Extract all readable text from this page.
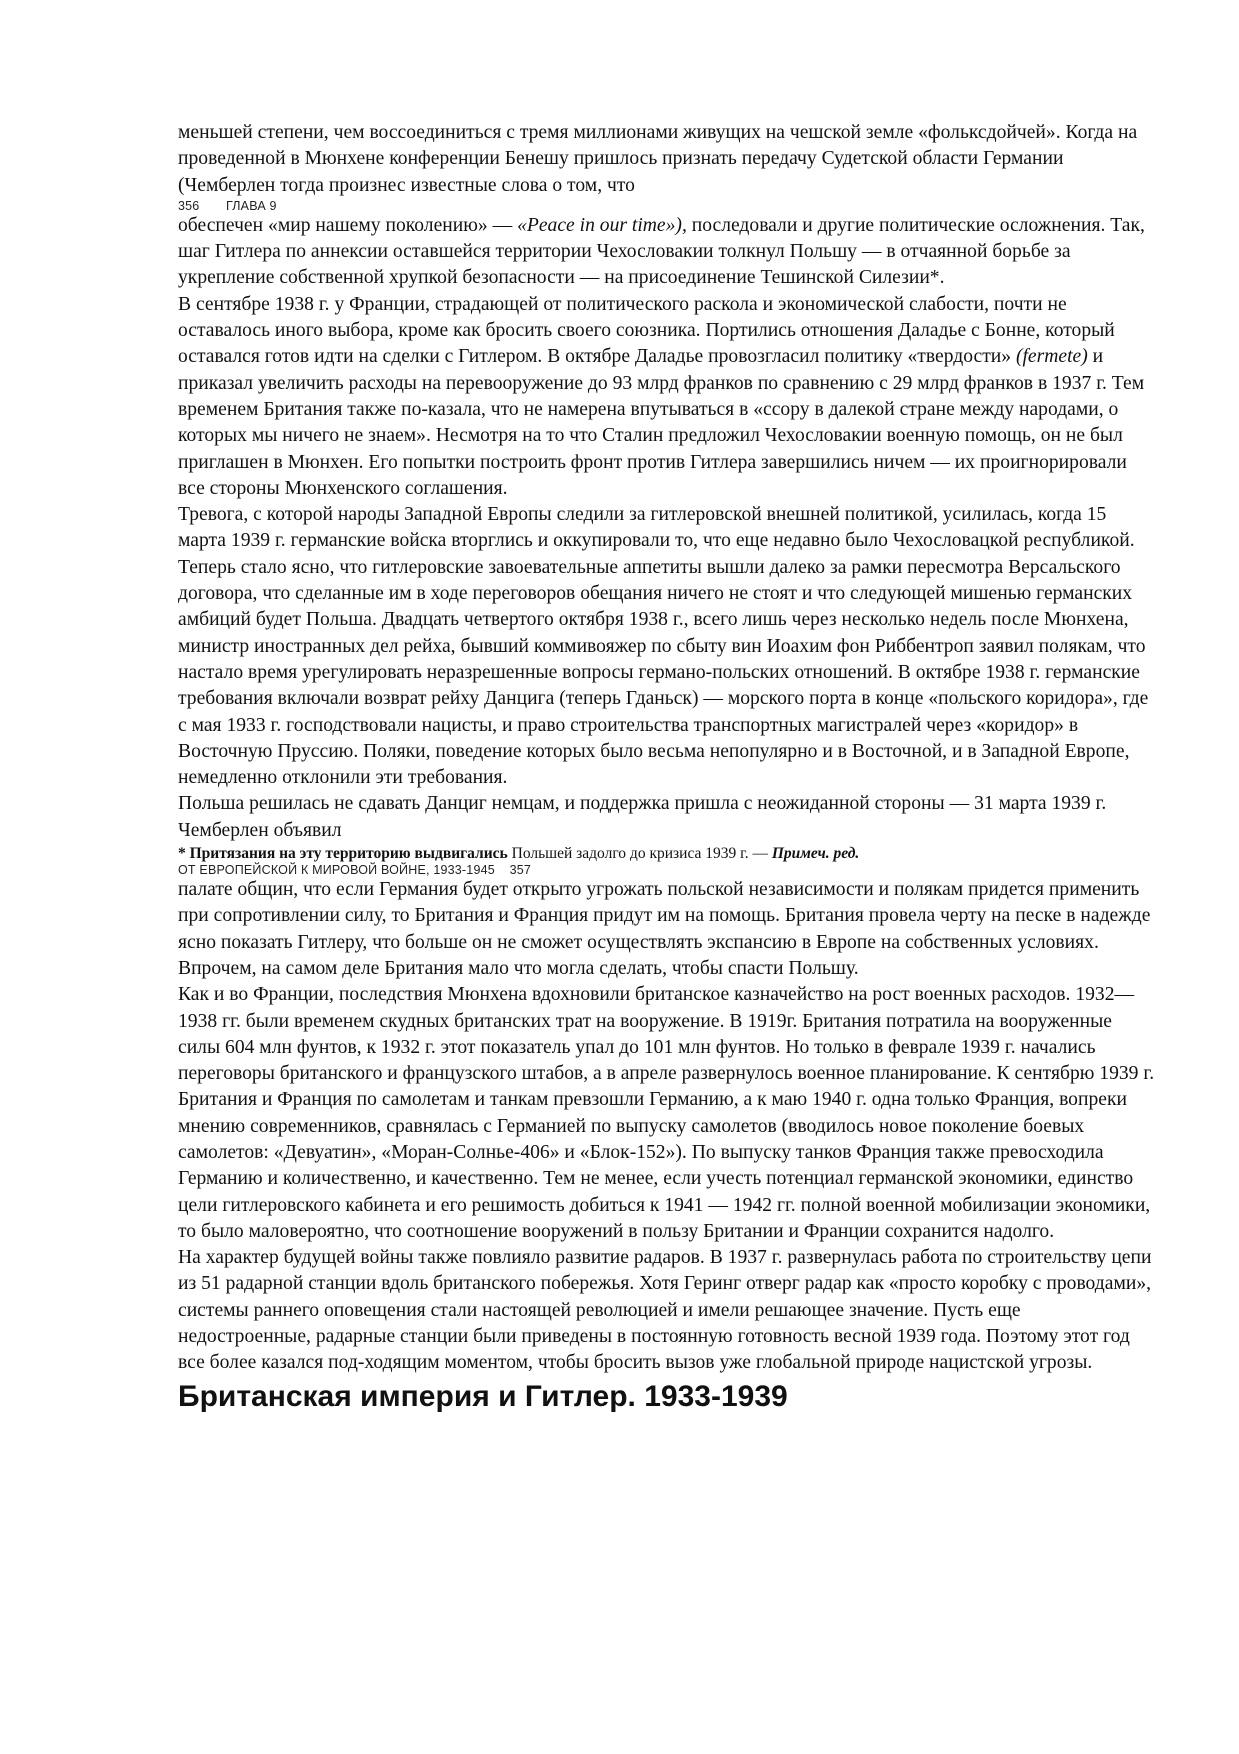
меньшей степени, чем воссоединиться с тремя миллионами живущих на чешской земле «фольксдойчей». Когда на проведенной в Мюнхене конференции Бенешу пришлось признать передачу Судетской области Германии (Чемберлен тогда произнес известные слова о том, что

356 ГЛАВА 9

обеспечен «мир нашему поколению» — «Peace in our time»), последовали и другие политические осложнения. Так, шаг Гитлера по аннексии оставшейся территории Чехословакии толкнул Польшу — в отчаянной борьбе за укрепление собственной хрупкой безопасности — на присоединение Тешинской Силезии*.

В сентябре 1938 г. у Франции, страдающей от политического раскола и экономической слабости, почти не оставалось иного выбора, кроме как бросить своего союзника. Портились отношения Даладье с Бонне, который оставался готов идти на сделки с Гитлером. В октябре Даладье провозгласил политику «твердости» (fermete) и приказал увеличить расходы на перевооружение до 93 млрд франков по сравнению с 29 млрд франков в 1937 г. Тем временем Британия также по-казала, что не намерена впутываться в «ссору в далекой стране между народами, о которых мы ничего не знаем». Несмотря на то что Сталин предложил Чехословакии военную помощь, он не был приглашен в Мюнхен. Его попытки построить фронт против Гитлера завершились ничем — их проигнорировали все стороны Мюнхенского соглашения.

Тревога, с которой народы Западной Европы следили за гитлеровской внешней политикой, усилилась, когда 15 марта 1939 г. германские войска вторглись и оккупировали то, что еще недавно было Чехословацкой республикой. Теперь стало ясно, что гитлеровские завоевательные аппетиты вышли далеко за рамки пересмотра Версальского договора, что сделанные им в ходе переговоров обещания ничего не стоят и что следующей мишенью германских амбиций будет Польша. Двадцать четвертого октября 1938 г., всего лишь через несколько недель после Мюнхена, министр иностранных дел рейха, бывший коммивояжер по сбыту вин Иоахим фон Риббентроп заявил полякам, что настало время урегулировать неразрешенные вопросы германо-польских отношений. В октябре 1938 г. германские требования включали возврат рейху Данцига (теперь Гданьск) — морского порта в конце «польского коридора», где с мая 1933 г. господствовали нацисты, и право строительства транспортных магистралей через «коридор» в Восточную Пруссию. Поляки, поведение которых было весьма непопулярно и в Восточной, и в Западной Европе, немедленно отклонили эти требования.

Польша решилась не сдавать Данциг немцам, и поддержка пришла с неожиданной стороны — 31 марта 1939 г. Чемберлен объявил

* Притязания на эту территорию выдвигались Польшей задолго до кризиса 1939 г. — Примеч. ред.

ОТ ЕВРОПЕЙСКОЙ К МИРОВОЙ ВОЙНЕ, 1933-1945 357

палате общин, что если Германия будет открыто угрожать польской независимости и полякам придется применить при сопротивлении силу, то Британия и Франция придут им на помощь. Британия провела черту на песке в надежде ясно показать Гитлеру, что больше он не сможет осуществлять экспансию в Европе на собственных условиях. Впрочем, на самом деле Британия мало что могла сделать, чтобы спасти Польшу.

Как и во Франции, последствия Мюнхена вдохновили британское казначейство на рост военных расходов. 1932—1938 гг. были временем скудных британских трат на вооружение. В 1919г. Британия потратила на вооруженные силы 604 млн фунтов, к 1932 г. этот показатель упал до 101 млн фунтов. Но только в феврале 1939 г. начались переговоры британского и французского штабов, а в апреле развернулось военное планирование. К сентябрю 1939 г. Британия и Франция по самолетам и танкам превзошли Германию, а к маю 1940 г. одна только Франция, вопреки мнению современников, сравнялась с Германией по выпуску самолетов (вводилось новое поколение боевых самолетов: «Девуатин», «Моран-Солнье-406» и «Блок-152»). По выпуску танков Франция также превосходила Германию и количественно, и качественно. Тем не менее, если учесть потенциал германской экономики, единство цели гитлеровского кабинета и его решимость добиться к 1941 — 1942 гг. полной военной мобилизации экономики, то было маловероятно, что соотношение вооружений в пользу Британии и Франции сохранится надолго.

На характер будущей войны также повлияло развитие радаров. В 1937 г. развернулась работа по строительству цепи из 51 радарной станции вдоль британского побережья. Хотя Геринг отверг радар как «просто коробку с проводами», системы раннего оповещения стали настоящей революцией и имели решающее значение. Пусть еще недостроенные, радарные станции были приведены в постоянную готовность весной 1939 года. Поэтому этот год все более казался под-ходящим моментом, чтобы бросить вызов уже глобальной природе нацистской угрозы.

Британская империя и Гитлер. 1933-1939
